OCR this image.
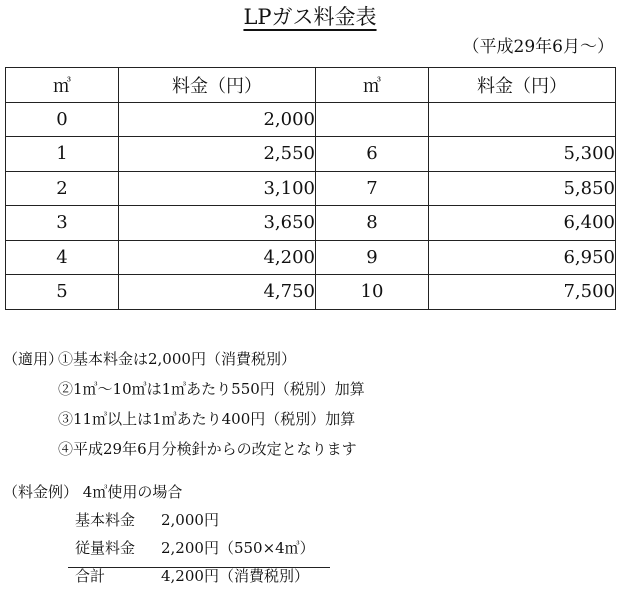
LPガス料金表
（平成29年6月～）
㎥	料金（円）	㎥	料金（円）
0	2,000		
1	2,550	6	5,300
2	3,100	7	5,850
3	3,650	8	6,400
4	4,200	9	6,950
5	4,750	10	7,500
（適用）
①基本料金は2,000円（消費税別）
②1㎥～10㎥は1㎥あたり550円（税別）加算
③11㎥以上は1㎥あたり400円（税別）加算
④平成29年6月分検針からの改定となります
（料金例） 4㎥使用の場合
基本料金 2,000円
従量料金 2,200円（550×4㎥）
合計	4,200円（消費税別）
